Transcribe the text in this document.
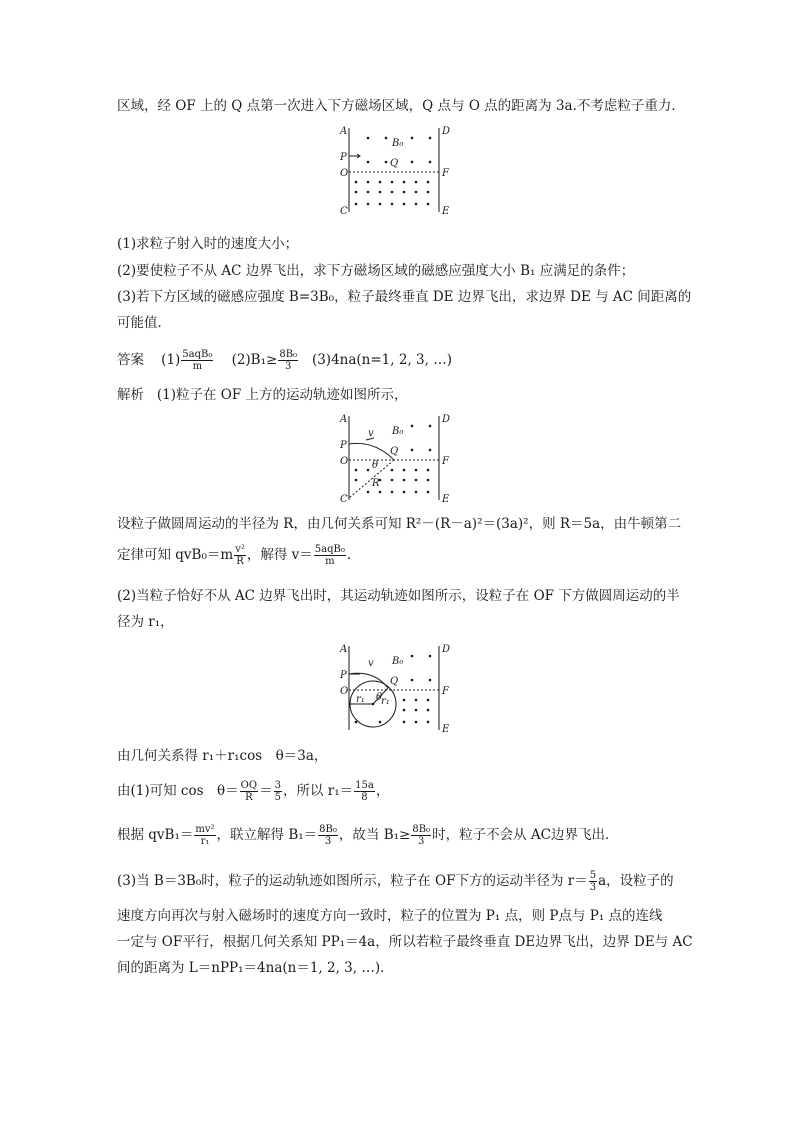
区域，经 OF 上的 Q 点第一次进入下方磁场区域，Q 点与 O 点的距离为 3a.不考虑粒子重力．
A	D
P
O	F
C	E
Q
B₀
(1)求粒子射入时的速度大小；
(2)要使粒子不从 AC 边界飞出，求下方磁场区域的磁感应强度大小 B₁ 应满足的条件；
(3)若下方区域的磁感应强度 B=3B₀，粒子最终垂直 DE 边界飞出，求边界 DE 与 AC 间距离的
可能值．
答案 $(1) \frac{\text{5aqB₀}}{m} (2)B_1\ge \frac{\text{8B₀}}{3} (3)4na(n=1$, 2, 3, …)
解析 (1)粒子在 OF 上方的运动轨迹如图所示，
A	D
P
O	F
C	E
Q
B₀
v
θ
R
设粒子做圆周运动的半径为 R，由几何关系可知 R²－(R－a)²＝(3a)²，则 R＝5a，由牛顿第二
定律可知 $qvB_0=m \frac{\text{v²}}{R}$ ，解得 $v= \frac{\text{5aqB₀}}{m}$ .
(2)当粒子恰好不从 AC 边界飞出时，其运动轨迹如图所示，设粒子在 OF 下方做圆周运动的半
径为 r₁，
A	D
P
O	F
E
Q
B₀
v
θ
r₁ r₁
由几何关系得 r₁＋r₁cos　θ＝3a，
由(1)可知 cos　$\theta= \frac{OQ}{R} = \frac{3}{5}$ ，所以 $r_1= \frac{15a}{8}$ ，
根据 $qvB_1= \frac{\text{mv²}}{\text{r₁}}$ ，联立解得 $B_1= \frac{\text{8B₀}}{3}$ ，故当 $B_1\ge \frac{\text{8B₀}}{3}$ 时，粒子不会从 AC边界飞出．
(3)当 B＝3B₀时，粒子的运动轨迹如图所示，粒子在 OF下方的运动半径为 $r= \frac{5}{3}$ a，设粒子的
速度方向再次与射入磁场时的速度方向一致时，粒子的位置为 P₁ 点，则 P点与 P₁ 点的连线
一定与 OF平行，根据几何关系知 PP₁＝4a，所以若粒子最终垂直 DE边界飞出，边界 DE与 AC
间的距离为 L＝nPP₁＝4na(n＝1, 2, 3, …)．
